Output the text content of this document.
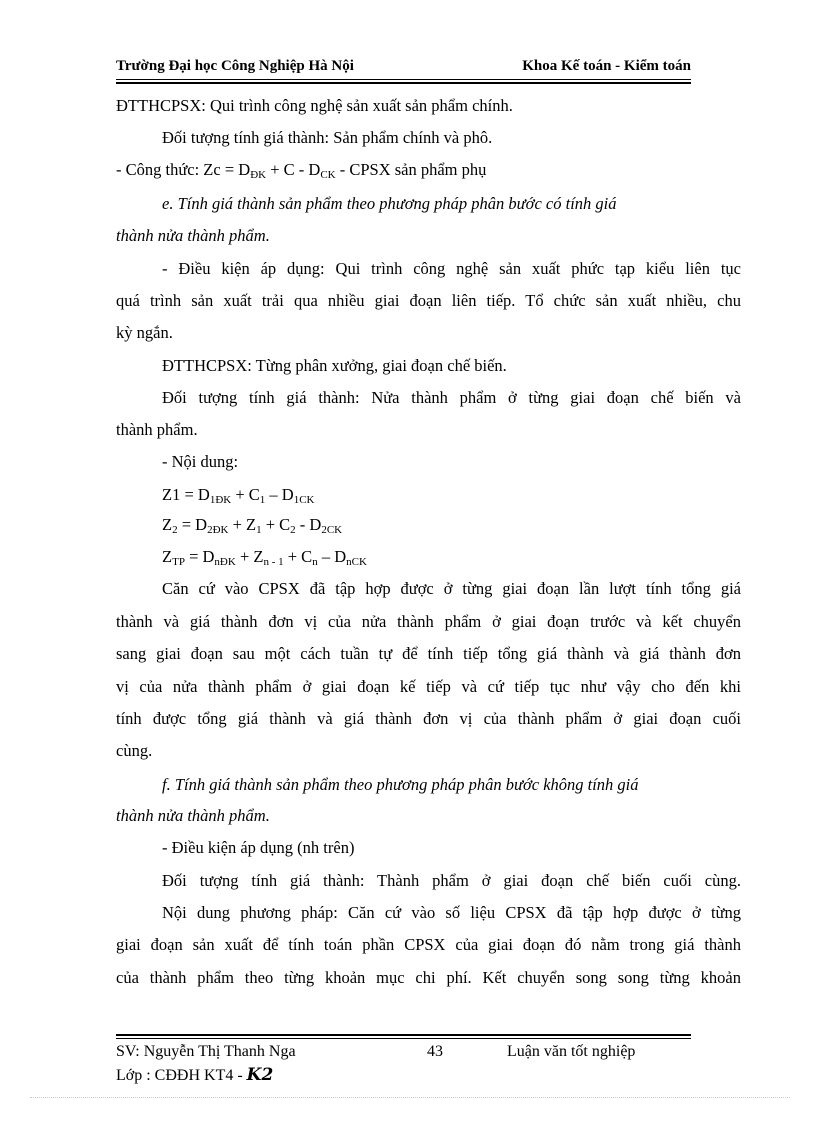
Trường Đại học Công Nghiệp Hà Nội	Khoa Kế toán - Kiểm toán
ĐTTHCPSX: Qui trình công nghệ sản xuất sản phẩm chính.
Đối tượng tính giá thành: Sản phẩm chính và phô.
- Công thức: $Zc = D_{ĐK} + C - D_{CK}$ - CPSX sản phẩm phụ
e. Tính giá thành sản phẩm theo phương pháp phân bước có tính giá
thành nửa thành phẩm.
- Điều kiện áp dụng: Qui trình công nghệ sản xuất phức tạp kiểu liên tục
quá trình sản xuất trải qua nhiều giai đoạn liên tiếp. Tổ chức sản xuất nhiều, chu
kỳ ngắn.
ĐTTHCPSX: Từng phân xưởng, giai đoạn chế biến.
Đối tượng tính giá thành: Nửa thành phẩm ở từng giai đoạn chế biến và
thành phẩm.
- Nội dung:
$Z1 = D_{1ĐK} + C_1 - D_{1CK}$
$Z_2 = D_{2ĐK} + Z_1 + C_2 - D_{2CK}$
$Z_{TP} = D_{nĐK} + Z_{n - 1} + C_n - D_{nCK}$
Căn cứ vào CPSX đã tập hợp được ở từng giai đoạn lần lượt tính tổng giá
thành và giá thành đơn vị của nửa thành phẩm ở giai đoạn trước và kết chuyển
sang giai đoạn sau một cách tuần tự để tính tiếp tổng giá thành và giá thành đơn
vị của nửa thành phẩm ở giai đoạn kế tiếp và cứ tiếp tục như vậy cho đến khi
tính được tổng giá thành và giá thành đơn vị của thành phẩm ở giai đoạn cuối
cùng.
f. Tính giá thành sản phẩm theo phương pháp phân bước không tính giá
thành nửa thành phẩm.
- Điều kiện áp dụng (nh trên)
Đối tượng tính giá thành: Thành phẩm ở giai đoạn chế biến cuối cùng.
Nội dung phương pháp: Căn cứ vào số liệu CPSX đã tập hợp được ở từng
giai đoạn sản xuất để tính toán phần CPSX của giai đoạn đó nằm trong giá thành
của thành phẩm theo từng khoản mục chi phí. Kết chuyển song song từng khoản
SV: Nguyễn Thị Thanh Nga	43	Luận văn tốt nghiệp
Lớp : CĐĐH KT4 - K2
